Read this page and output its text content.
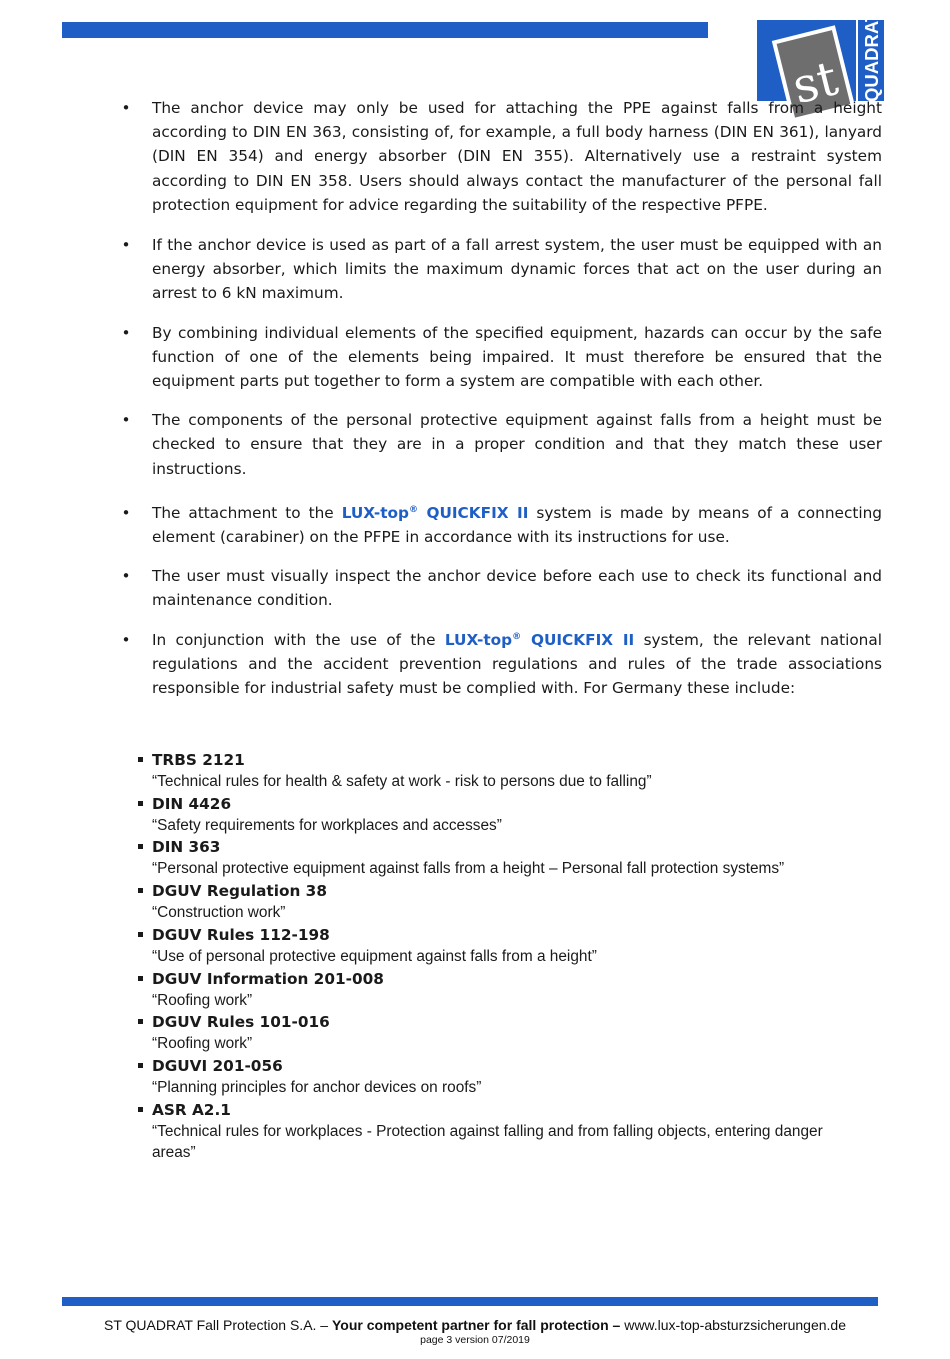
st QUADRAT
• The anchor device may only be used for attaching the PPE against falls from a height according to DIN EN 363, consisting of, for example, a full body harness (DIN EN 361), lanyard (DIN EN 354) and energy absorber (DIN EN 355). Alternatively use a restraint system according to DIN EN 358. Users should always contact the manufacturer of the personal fall protection equipment for advice regarding the suitability of the respective PFPE.

• If the anchor device is used as part of a fall arrest system, the user must be equipped with an energy absorber, which limits the maximum dynamic forces that act on the user during an arrest to 6 kN maximum.

• By combining individual elements of the specified equipment, hazards can occur by the safe function of one of the elements being impaired. It must therefore be ensured that the equipment parts put together to form a system are compatible with each other.

• The components of the personal protective equipment against falls from a height must be checked to ensure that they are in a proper condition and that they match these user instructions.

• The attachment to the LUX-top® QUICKFIX II system is made by means of a connecting element (carabiner) on the PFPE in accordance with its instructions for use.

• The user must visually inspect the anchor device before each use to check its functional and maintenance condition.

• In conjunction with the use of the LUX-top® QUICKFIX II system, the relevant national regulations and the accident prevention regulations and rules of the trade associations responsible for industrial safety must be complied with. For Germany these include:

TRBS 2121

“Technical rules for health & safety at work - risk to persons due to falling”

DIN 4426

“Safety requirements for workplaces and accesses”

DIN 363

“Personal protective equipment against falls from a height – Personal fall protection systems”

DGUV Regulation 38

“Construction work”

DGUV Rules 112-198

“Use of personal protective equipment against falls from a height”

DGUV Information 201-008

“Roofing work”

DGUV Rules 101-016

“Roofing work”

DGUVI 201-056

“Planning principles for anchor devices on roofs”

ASR A2.1

“Technical rules for workplaces - Protection against falling and from falling objects, entering danger areas”

ST QUADRAT Fall Protection S.A. – Your competent partner for fall protection – www.lux-top-absturzsicherungen.de
page 3 version 07/2019
